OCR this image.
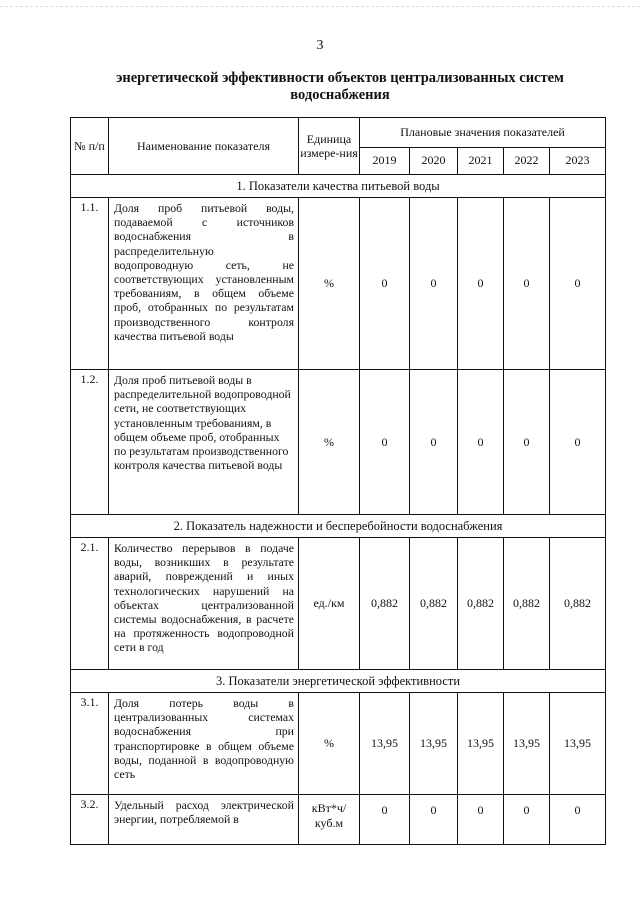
3
энергетической эффективности объектов централизованных систем
водоснабжения
№ п/п	Наименование показателя	Единица измере-ния	Плановые значения показателей				
			2019	2020	2021	2022	2023
1. Показатели качества питьевой воды							
1.1.	Доля проб питьевой воды, подаваемой с источников водоснабжения в распределительную водопроводную сеть, не соответствующих установленным требованиям, в общем объеме проб, отобранных по результатам производственного контроля качества питьевой воды	%	0	0	0	0	0
1.2.	Доля проб питьевой воды в распределительной водопроводной сети, не соответствующих установленным требованиям, в общем объеме проб, отобранных по результатам производственного контроля качества питьевой воды	%	0	0	0	0	0
2. Показатель надежности и бесперебойности водоснабжения							
2.1.	Количество перерывов в подаче воды, возникших в результате аварий, повреждений и иных технологических нарушений на объектах централизованной системы водоснабжения, в расчете на протяженность водопроводной сети в год	ед./км	0,882	0,882	0,882	0,882	0,882
3. Показатели энергетической эффективности							
3.1.	Доля потерь воды в централизованных системах водоснабжения при транспортировке в общем объеме воды, поданной в водопроводную сеть	%	13,95	13,95	13,95	13,95	13,95
3.2.	Удельный расход электрической энергии, потребляемой в	кВт*ч/ куб.м	0	0	0	0	0
